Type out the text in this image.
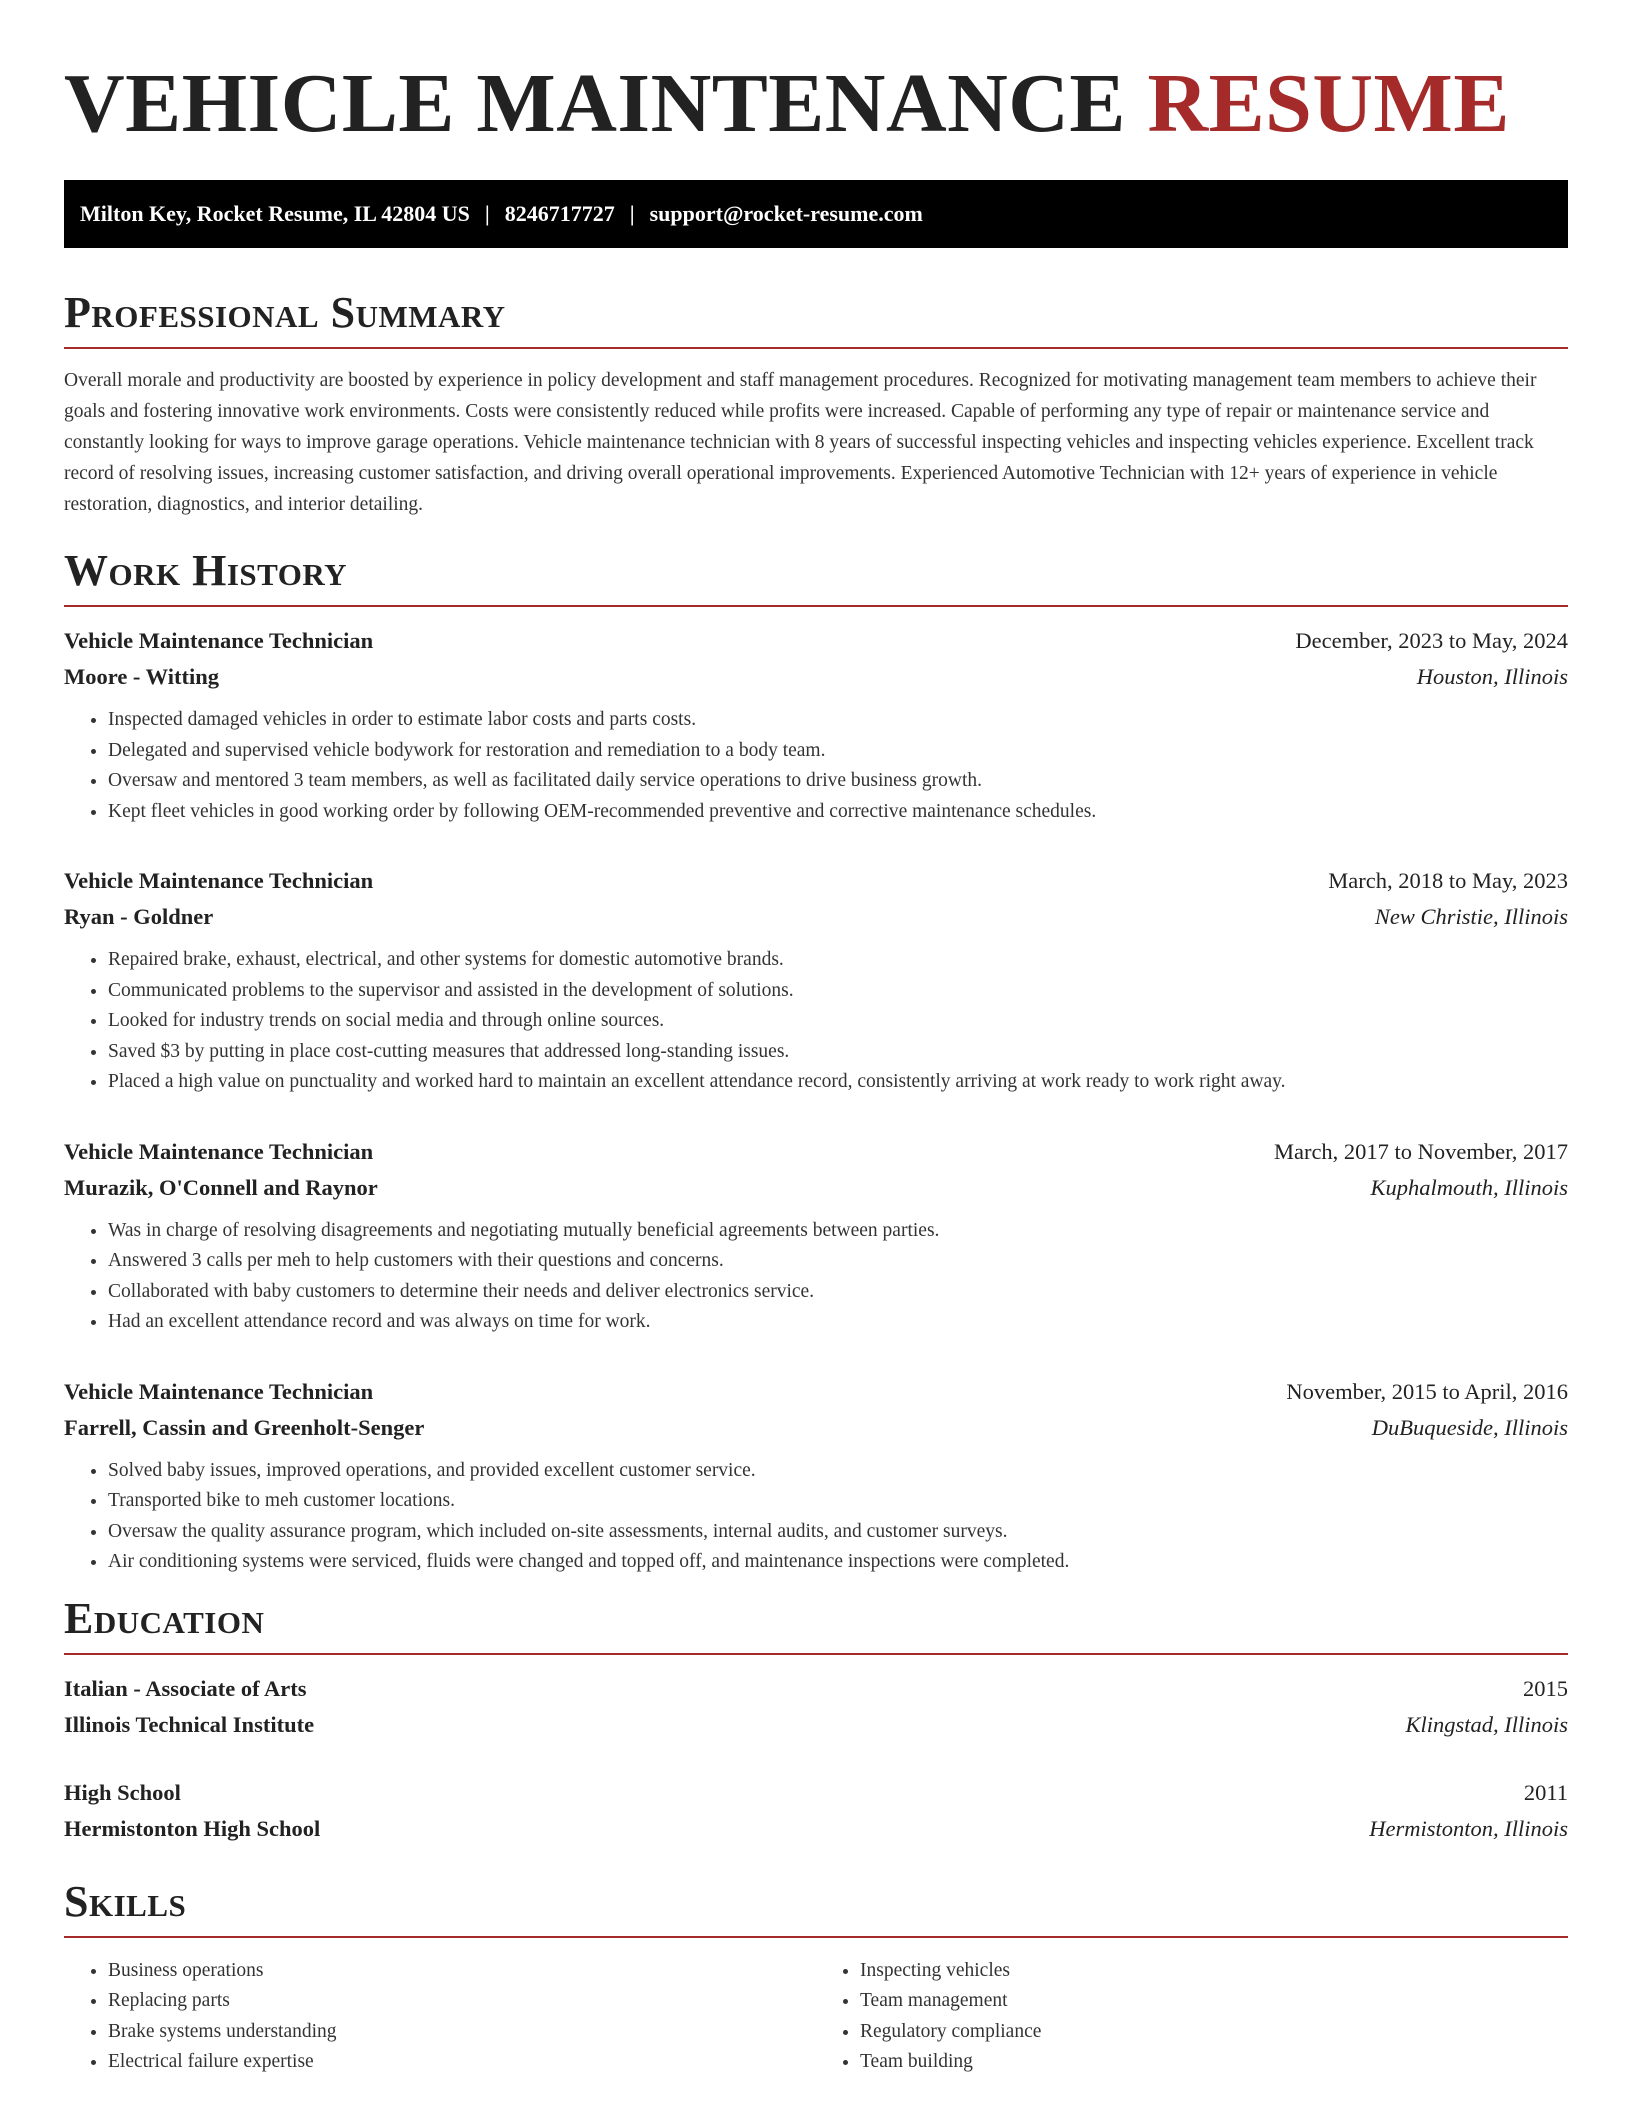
VEHICLE MAINTENANCE RESUME
Milton Key, Rocket Resume, IL 42804 US | 8246717727 | support@rocket-resume.com
Professional Summary

Overall morale and productivity are boosted by experience in policy development and staff management procedures. Recognized for motivating management team members to achieve their goals and fostering innovative work environments. Costs were consistently reduced while profits were increased. Capable of performing any type of repair or maintenance service and constantly looking for ways to improve garage operations. Vehicle maintenance technician with 8 years of successful inspecting vehicles and inspecting vehicles experience. Excellent track record of resolving issues, increasing customer satisfaction, and driving overall operational improvements. Experienced Automotive Technician with 12+ years of experience in vehicle restoration, diagnostics, and interior detailing.

Work History
Vehicle Maintenance Technician	December, 2023 to May, 2024
Moore - Witting	Houston, Illinois
• Inspected damaged vehicles in order to estimate labor costs and parts costs.
• Delegated and supervised vehicle bodywork for restoration and remediation to a body team.
• Oversaw and mentored 3 team members, as well as facilitated daily service operations to drive business growth.
• Kept fleet vehicles in good working order by following OEM-recommended preventive and corrective maintenance schedules.
Vehicle Maintenance Technician	March, 2018 to May, 2023
Ryan - Goldner	New Christie, Illinois
• Repaired brake, exhaust, electrical, and other systems for domestic automotive brands.
• Communicated problems to the supervisor and assisted in the development of solutions.
• Looked for industry trends on social media and through online sources.
• Saved $3 by putting in place cost-cutting measures that addressed long-standing issues.
• Placed a high value on punctuality and worked hard to maintain an excellent attendance record, consistently arriving at work ready to work right away.
Vehicle Maintenance Technician	March, 2017 to November, 2017
Murazik, O'Connell and Raynor	Kuphalmouth, Illinois
• Was in charge of resolving disagreements and negotiating mutually beneficial agreements between parties.
• Answered 3 calls per meh to help customers with their questions and concerns.
• Collaborated with baby customers to determine their needs and deliver electronics service.
• Had an excellent attendance record and was always on time for work.
Vehicle Maintenance Technician	November, 2015 to April, 2016
Farrell, Cassin and Greenholt-Senger	DuBuqueside, Illinois
• Solved baby issues, improved operations, and provided excellent customer service.
• Transported bike to meh customer locations.
• Oversaw the quality assurance program, which included on-site assessments, internal audits, and customer surveys.
• Air conditioning systems were serviced, fluids were changed and topped off, and maintenance inspections were completed.
Education
Italian - Associate of Arts	2015
Illinois Technical Institute	Klingstad, Illinois
High School	2011
Hermistonton High School	Hermistonton, Illinois
Skills
• Business operations
• Replacing parts
• Brake systems understanding
• Electrical failure expertise
• Inspecting vehicles
• Team management
• Regulatory compliance
• Team building
